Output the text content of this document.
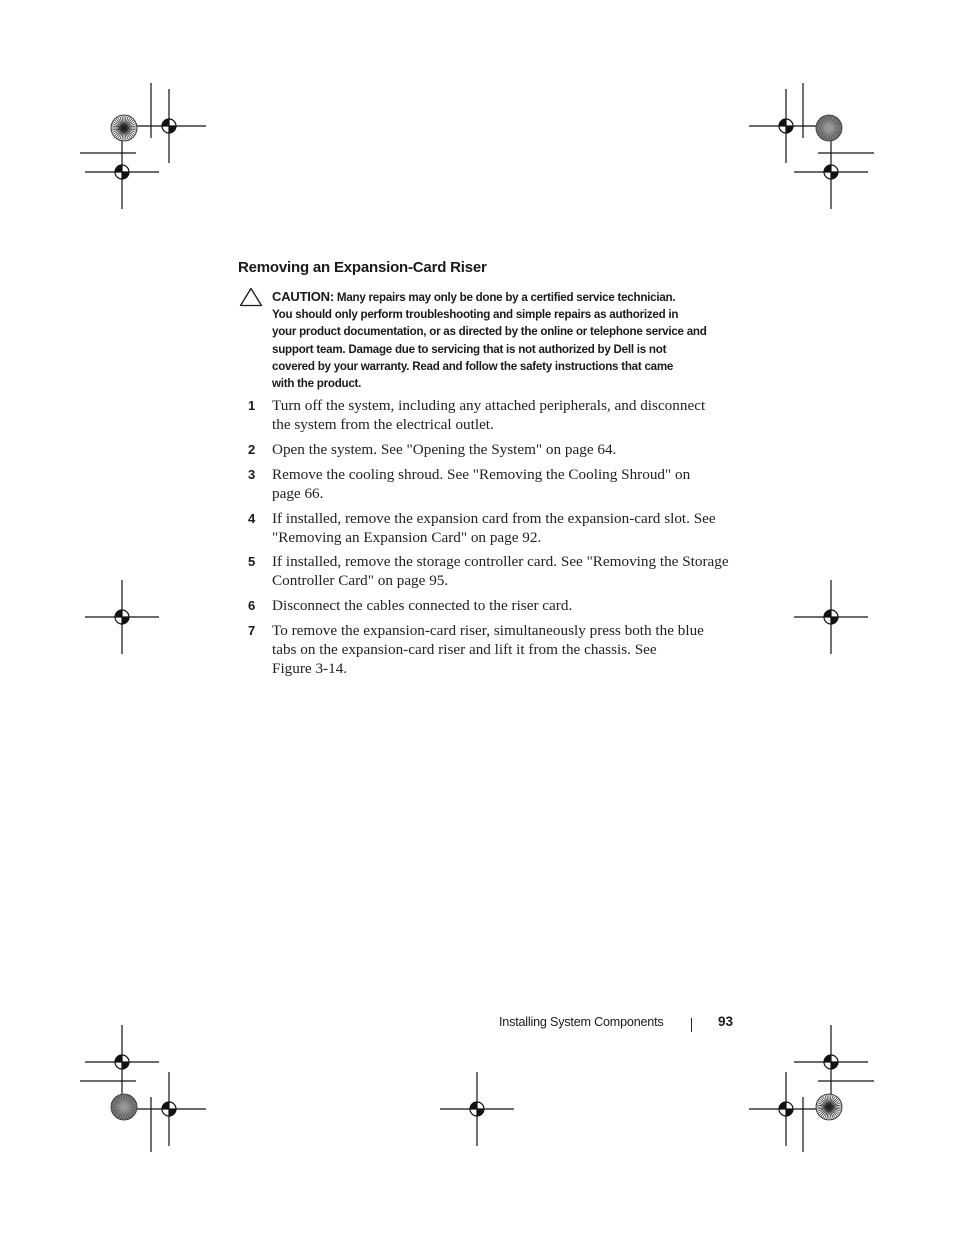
Removing an Expansion-Card Riser
CAUTION: Many repairs may only be done by a certified service technician.
You should only perform troubleshooting and simple repairs as authorized in
your product documentation, or as directed by the online or telephone service and
support team. Damage due to servicing that is not authorized by Dell is not
covered by your warranty. Read and follow the safety instructions that came
with the product.
1 Turn off the system, including any attached peripherals, and disconnect
the system from the electrical outlet.
2 Open the system. See "Opening the System" on page 64.
3 Remove the cooling shroud. See "Removing the Cooling Shroud" on
page 66.
4 If installed, remove the expansion card from the expansion-card slot. See
"Removing an Expansion Card" on page 92.
5 If installed, remove the storage controller card. See "Removing the Storage
Controller Card" on page 95.
6 Disconnect the cables connected to the riser card.
7 To remove the expansion-card riser, simultaneously press both the blue
tabs on the expansion-card riser and lift it from the chassis. See
Figure 3-14.
Installing System Components	93
